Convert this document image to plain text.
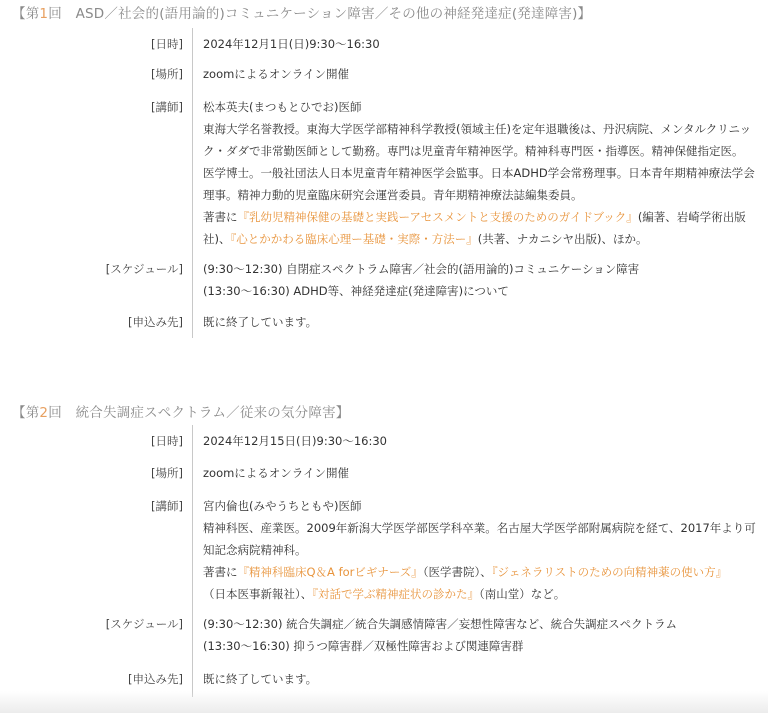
【第1回　ASD／社会的(語用論的)コミュニケーション障害／その他の神経発達症(発達障害)】
[日時] 2024年12月1日(日)9:30〜16:30
[場所] zoomによるオンライン開催
[講師] 松本英夫(まつもとひでお)医師
東海大学名誉教授。東海大学医学部精神科学教授(領域主任)を定年退職後は、丹沢病院、メンタルクリニッ
ク・ダダで非常勤医師として勤務。専門は児童青年精神医学。精神科専門医・指導医。精神保健指定医。
医学博士。一般社団法人日本児童青年精神医学会監事。日本ADHD学会常務理事。日本青年期精神療法学会
理事。精神力動的児童臨床研究会運営委員。青年期精神療法誌編集委員。
著書に『乳幼児精神保健の基礎と実践ーアセスメントと支援のためのガイドブック』(編著、岩崎学術出版
社)、『心とかかわる臨床心理ー基礎・実際・方法ー』(共著、ナカニシヤ出版)、ほか。
[スケジュール] (9:30〜12:30) 自閉症スペクトラム障害／社会的(語用論的)コミュニケーション障害
(13:30〜16:30) ADHD等、神経発達症(発達障害)について
[申込み先] 既に終了しています。
【第2回　統合失調症スペクトラム／従来の気分障害】
[日時] 2024年12月15日(日)9:30〜16:30
[場所] zoomによるオンライン開催
[講師] 宮内倫也(みやうちともや)医師
精神科医、産業医。2009年新潟大学医学部医学科卒業。名古屋大学医学部附属病院を経て、2017年より可
知記念病院精神科。
著書に『精神科臨床Q＆A forビギナーズ』（医学書院）、『ジェネラリストのための向精神薬の使い方』
（日本医事新報社）、『対話で学ぶ精神症状の診かた』（南山堂）など。
[スケジュール] (9:30〜12:30) 統合失調症／統合失調感情障害／妄想性障害など、統合失調症スペクトラム
(13:30〜16:30) 抑うつ障害群／双極性障害および関連障害群
[申込み先] 既に終了しています。
